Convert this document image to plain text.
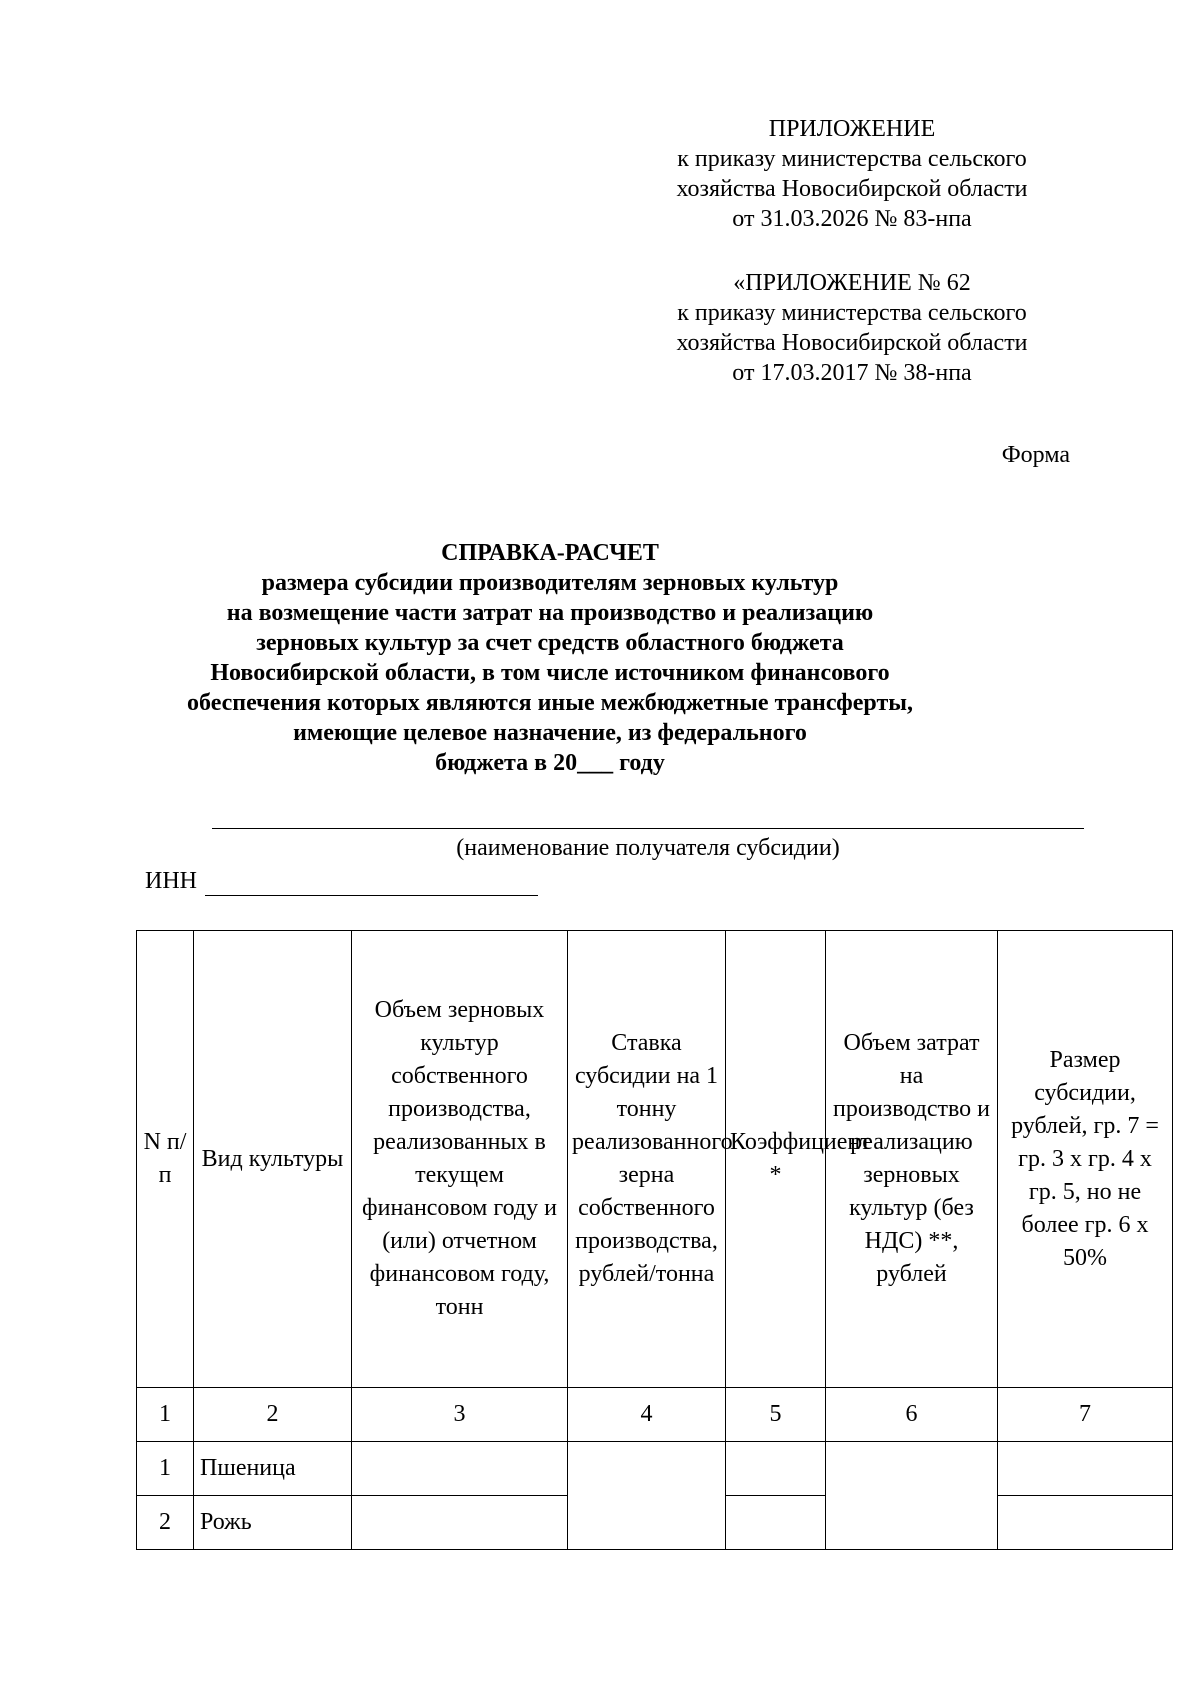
ПРИЛОЖЕНИЕ

к приказу министерства сельского

хозяйства Новосибирской области

от 31.03.2026 № 83-нпа

«ПРИЛОЖЕНИЕ № 62

к приказу министерства сельского

хозяйства Новосибирской области

от 17.03.2017 № 38-нпа

Форма

СПРАВКА-РАСЧЕТ

размера субсидии производителям зерновых культур

на возмещение части затрат на производство и реализацию

зерновых культур за счет средств областного бюджета

Новосибирской области, в том числе источником финансового

обеспечения которых являются иные межбюджетные трансферты,

имеющие целевое назначение, из федерального

бюджета в 20___ году

(наименование получателя субсидии)
ИНН
N п/п	Вид культуры	Объем зерновых культур собственного производства, реализованных в текущем финансовом году и (или) отчетном финансовом году, тонн	Ставка субсидии на 1 тонну реализованного зерна собственного производства, рублей/тонна	Коэффициент *	Объем затрат на производство и реализацию зерновых культур (без НДС) **, рублей	Размер субсидии, рублей, гр. 7 = гр. 3 x гр. 4 x гр. 5, но не более гр. 6 x 50%
1	2	3	4	5	6	7
1	Пшеница					
2	Рожь					
